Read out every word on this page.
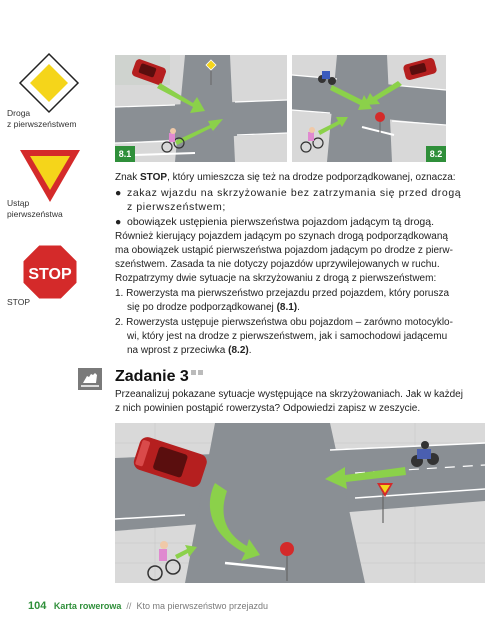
Droga
z pierwszeństwem
Ustąp
pierwszeństwa
STOP
STOP
8.1	8.2
Znak STOP, który umieszcza się też na drodze podporządkowanej, oznacza:
● zakaz wjazdu na skrzyżowanie bez zatrzymania się przed drogą
z pierwszeństwem;
● obowiązek ustępienia pierwszeństwa pojazdom jadącym tą drogą.
Również kierujący pojazdem jadącym po szynach drogą podporządkowaną
ma obowiązek ustąpić pierwszeństwa pojazdom jadącym po drodze z pierw-
szeństwem. Zasada ta nie dotyczy pojazdów uprzywilejowanych w ruchu.
Rozpatrzymy dwie sytuacje na skrzyżowaniu z drogą z pierwszeństwem:
1. Rowerzysta ma pierwszeństwo przejazdu przed pojazdem, który porusza
się po drodze podporządkowanej (8.1).
2. Rowerzysta ustępuje pierwszeństwa obu pojazdom – zarówno motocyklo-
wi, który jest na drodze z pierwszeństwem, jak i samochodowi jadącemu
na wprost z przeciwka (8.2).
Zadanie 3
Przeanalizuj pokazane sytuacje występujące na skrzyżowaniach. Jak w każdej
z nich powinien postąpić rowerzysta? Odpowiedzi zapisz w zeszycie.
104 Karta rowerowa // Kto ma pierwszeństwo przejazdu
